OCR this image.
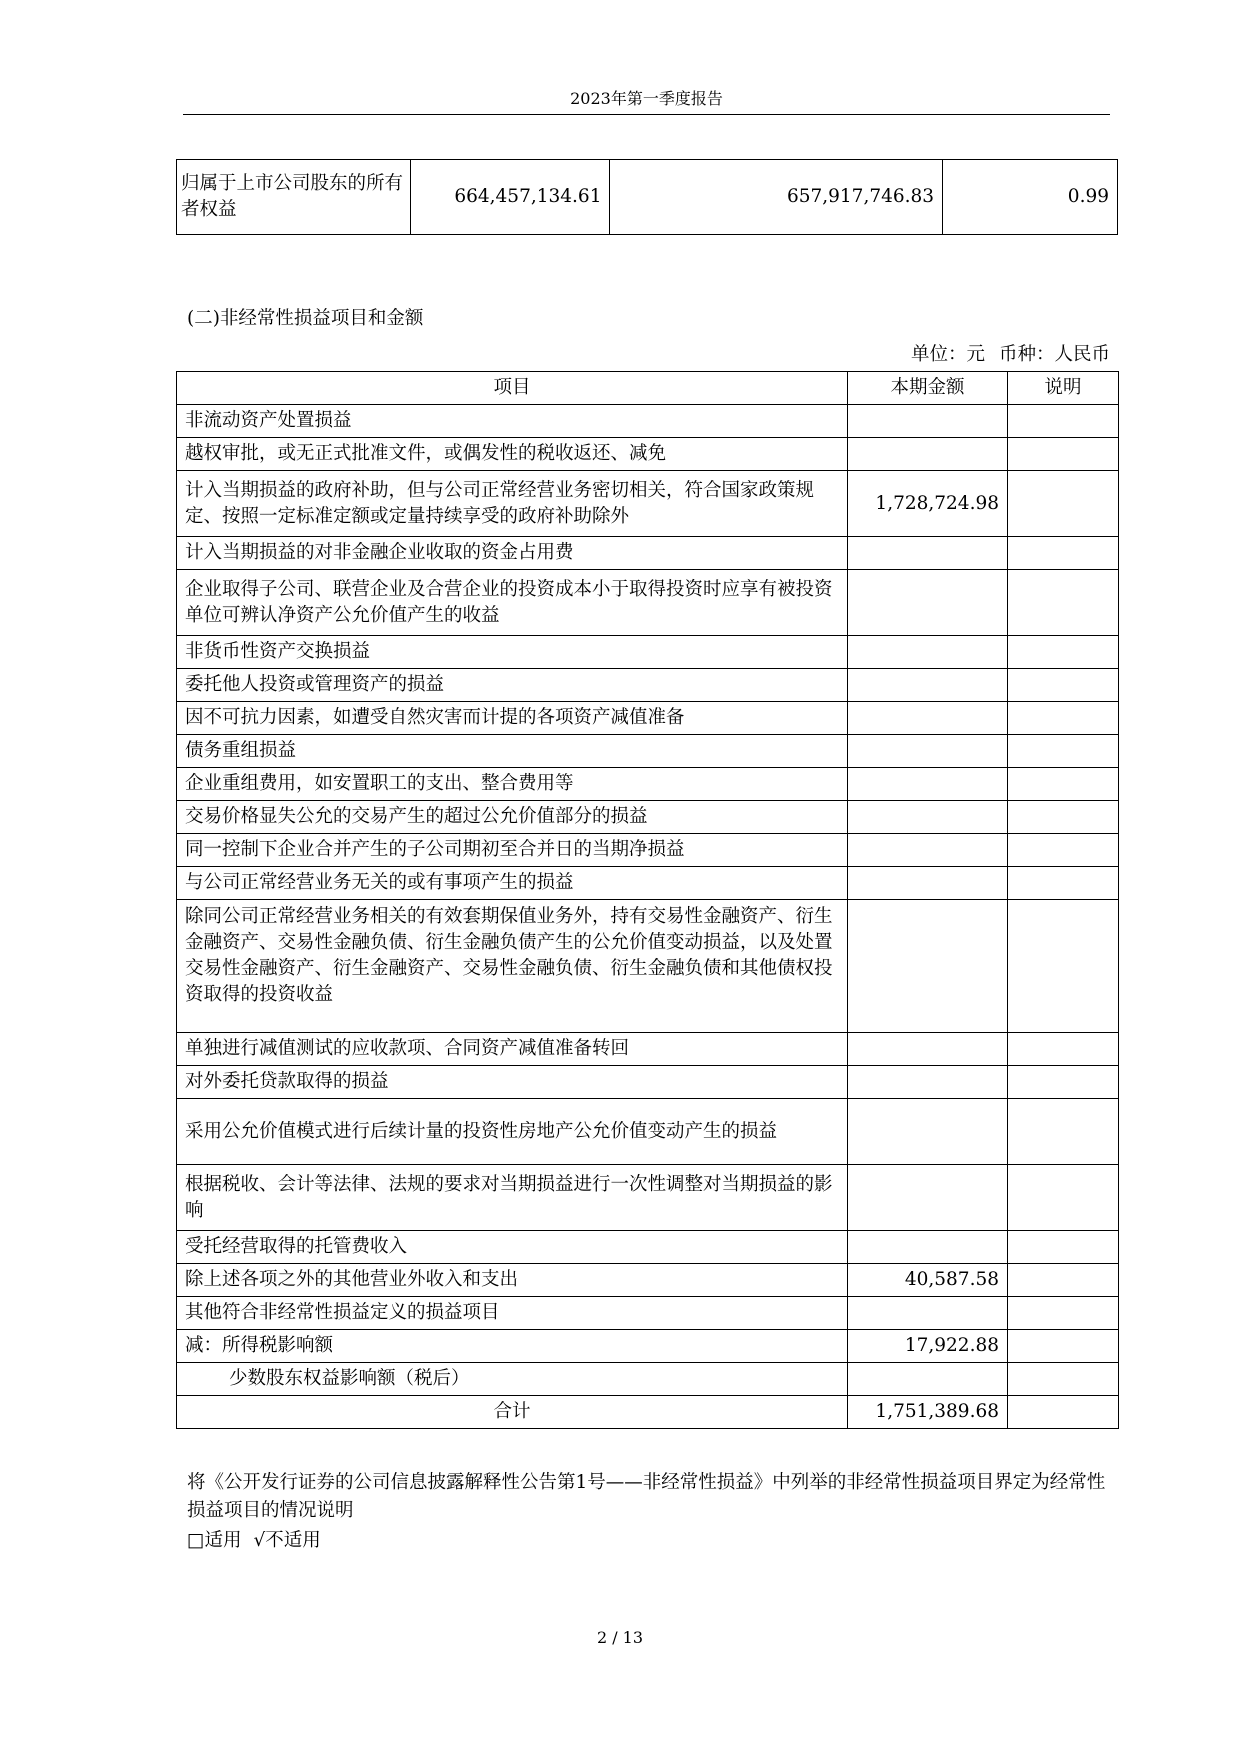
2023年第一季度报告
归属于上市公司股东的所有者权益	664,457,134.61	657,917,746.83	0.99
(二)非经常性损益项目和金额
单位：元 币种：人民币
项目	本期金额	说明
非流动资产处置损益		
越权审批，或无正式批准文件，或偶发性的税收返还、减免		
计入当期损益的政府补助，但与公司正常经营业务密切相关，符合国家政策规定、按照一定标准定额或定量持续享受的政府补助除外	1,728,724.98	
计入当期损益的对非金融企业收取的资金占用费		
企业取得子公司、联营企业及合营企业的投资成本小于取得投资时应享有被投资单位可辨认净资产公允价值产生的收益		
非货币性资产交换损益		
委托他人投资或管理资产的损益		
因不可抗力因素，如遭受自然灾害而计提的各项资产减值准备		
债务重组损益		
企业重组费用，如安置职工的支出、整合费用等		
交易价格显失公允的交易产生的超过公允价值部分的损益		
同一控制下企业合并产生的子公司期初至合并日的当期净损益		
与公司正常经营业务无关的或有事项产生的损益		
除同公司正常经营业务相关的有效套期保值业务外，持有交易性金融资产、衍生金融资产、交易性金融负债、衍生金融负债产生的公允价值变动损益，以及处置交易性金融资产、衍生金融资产、交易性金融负债、衍生金融负债和其他债权投资取得的投资收益		
单独进行减值测试的应收款项、合同资产减值准备转回		
对外委托贷款取得的损益		
采用公允价值模式进行后续计量的投资性房地产公允价值变动产生的损益		
根据税收、会计等法律、法规的要求对当期损益进行一次性调整对当期损益的影响		
受托经营取得的托管费收入		
除上述各项之外的其他营业外收入和支出	40,587.58	
其他符合非经常性损益定义的损益项目		
减：所得税影响额	17,922.88	
少数股东权益影响额（税后）		
合计	1,751,389.68	
将《公开发行证券的公司信息披露解释性公告第1号——非经常性损益》中列举的非经常性损益项目界定为经常性损益项目的情况说明
□适用 √不适用
2 / 13
